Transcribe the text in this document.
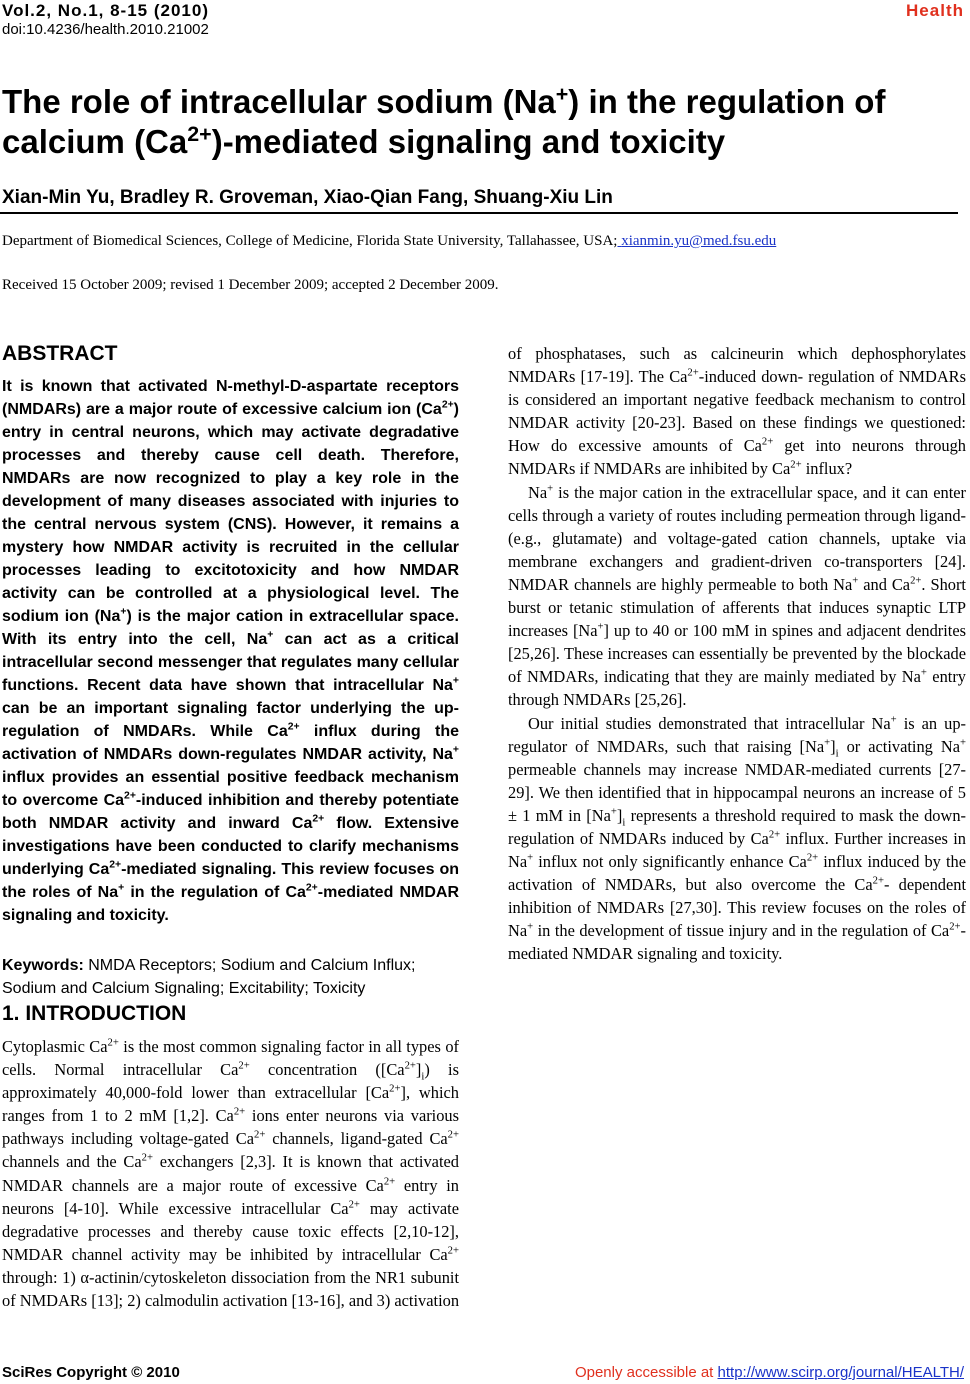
Vol.2, No.1, 8-15 (2010)
doi:10.4236/health.2010.21002
Health
The role of intracellular sodium (Na+) in the regulation of calcium $(Ca^{2+})$-mediated signaling and toxicity
Xian-Min Yu, Bradley R. Groveman, Xiao-Qian Fang, Shuang-Xiu Lin
Department of Biomedical Sciences, College of Medicine, Florida State University, Tallahassee, USA; xianmin.yu@med.fsu.edu
Received 15 October 2009; revised 1 December 2009; accepted 2 December 2009.
ABSTRACT
It is known that activated N-methyl-D-aspartate receptors (NMDARs) are a major route of excessive calcium ion $(Ca^{2+})$ entry in central neurons, which may activate degradative processes and thereby cause cell death. Therefore, NMDARs are now recognized to play a key role in the development of many diseases associated with injuries to the central nervous system (CNS). However, it remains a mystery how NMDAR activity is recruited in the cellular processes leading to excitotoxicity and how NMDAR activity can be controlled at a physiological level. The sodium ion (Na+) is the major cation in extracellular space. With its entry into the cell, Na+ can act as a critical intracellular second messenger that regulates many cellular functions. Recent data have shown that intracellular Na+ can be an important signaling factor underlying the up-regulation of NMDARs. While $Ca^{2+}$ influx during the activation of NMDARs down-regulates NMDAR activity, Na+ influx provides an essential positive feedback mechanism to overcome $Ca^{2+}$-induced inhibition and thereby potentiate both NMDAR activity and inward $Ca^{2+}$ flow. Extensive investigations have been conducted to clarify mechanisms underlying $Ca^{2+}$-mediated signaling. This review focuses on the roles of Na+ in the regulation of $Ca^{2+}$-mediated NMDAR signaling and toxicity.
Keywords: NMDA Receptors; Sodium and Calcium Influx; Sodium and Calcium Signaling; Excitability; Toxicity
1. INTRODUCTION

Cytoplasmic $Ca^{2+}$ is the most common signaling factor in all types of cells. Normal intracellular $Ca^{2+}$ concentration $([Ca^{2+}]_i)$ is approximately 40,000-fold lower than extracellular $[Ca^{2+}]$, which ranges from 1 to 2 mM [1,2]. $Ca^{2+}$ ions enter neurons via various pathways including voltage-gated $Ca^{2+}$ channels, ligand-gated $Ca^{2+}$ channels and the $Ca^{2+}$ exchangers [2,3]. It is known that activated NMDAR channels are a major route of excessive $Ca^{2+}$ entry in neurons [4-10]. While excessive intracellular $Ca^{2+}$ may activate degradative processes and thereby cause toxic effects [2,10-12], NMDAR channel activity may be inhibited by intracellular $Ca^{2+}$ through: 1) α-actinin/cytoskeleton dissociation from the NR1 subunit of NMDARs [13]; 2) calmodulin activation [13-16], and 3) activation

of phosphatases, such as calcineurin which dephosphorylates NMDARs [17-19]. The $Ca^{2+}$-induced down- regulation of NMDARs is considered an important negative feedback mechanism to control NMDAR activity [20-23]. Based on these findings we questioned: How do excessive amounts of $Ca^{2+}$ get into neurons through NMDARs if NMDARs are inhibited by $Ca^{2+}$ influx?

Na+ is the major cation in the extracellular space, and it can enter cells through a variety of routes including permeation through ligand- (e.g., glutamate) and voltage-gated cation channels, uptake via membrane exchangers and gradient-driven co-transporters [24]. NMDAR channels are highly permeable to both Na+ and $Ca^{2+}$. Short burst or tetanic stimulation of afferents that induces synaptic LTP increases [Na+] up to 40 or 100 mM in spines and adjacent dendrites [25,26]. These increases can essentially be prevented by the blockade of NMDARs, indicating that they are mainly mediated by Na+ entry through NMDARs [25,26].

Our initial studies demonstrated that intracellular Na+ is an up-regulator of NMDARs, such that raising $[Na^+]_i$ or activating Na+ permeable channels may increase NMDAR-mediated currents [27-29]. We then identified that in hippocampal neurons an increase of 5 ± 1 mM in $[Na^+]_i$ represents a threshold required to mask the down- regulation of NMDARs induced by $Ca^{2+}$ influx. Further increases in Na+ influx not only significantly enhance $Ca^{2+}$ influx induced by the activation of NMDARs, but also overcome the $Ca^{2+}-$ dependent inhibition of NMDARs [27,30]. This review focuses on the roles of Na+ in the development of tissue injury and in the regulation of $Ca^{2+}$-mediated NMDAR signaling and toxicity.

SciRes Copyright © 2010	Openly accessible at http://www.scirp.org/journal/HEALTH/
